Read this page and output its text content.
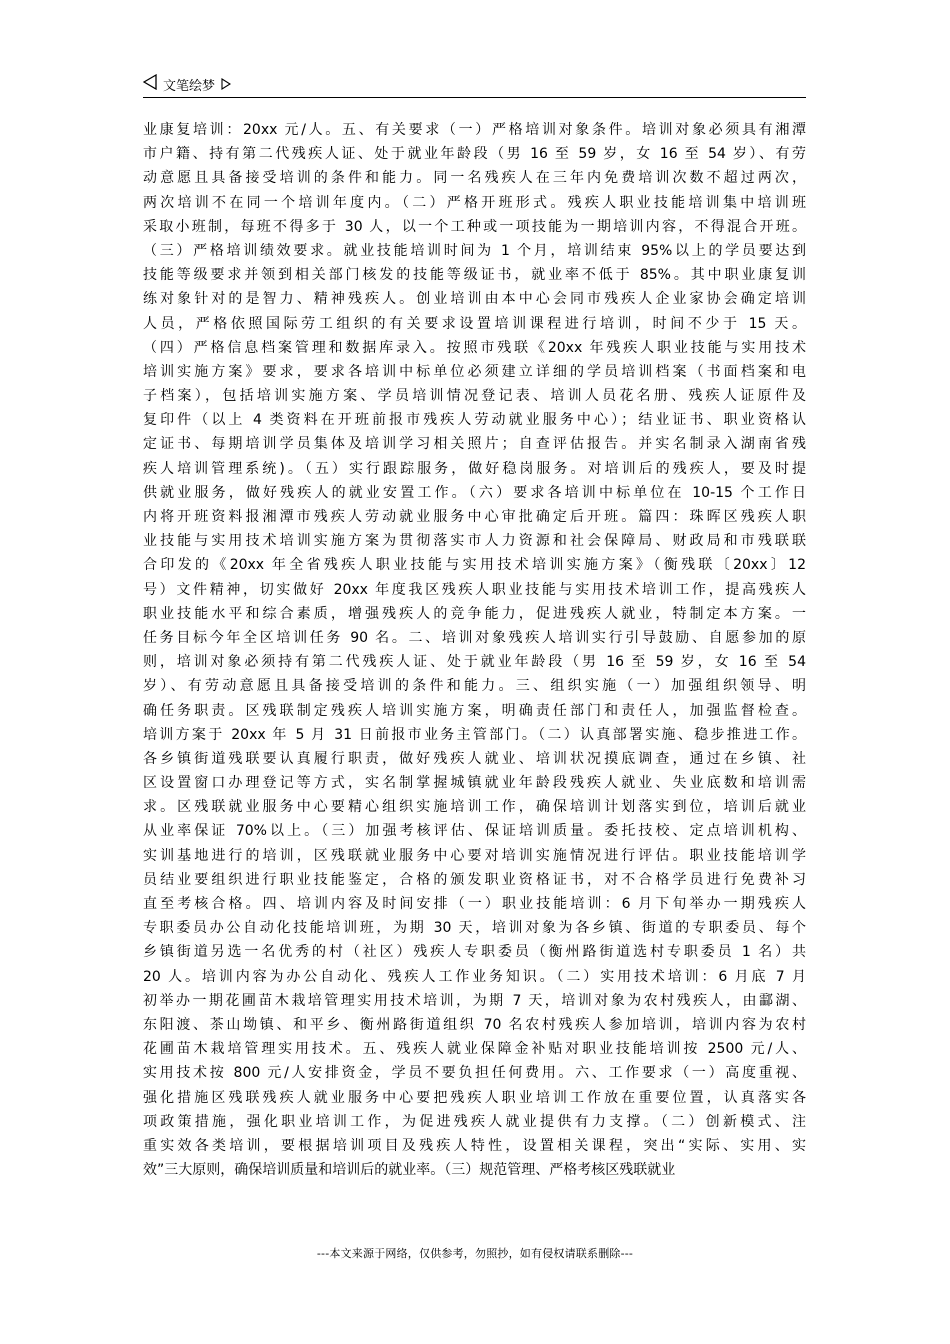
文笔绘梦
业康复培训：20xx 元/人。五、有关要求（一）严格培训对象条件。培训对象必须具有湘潭
市户籍、持有第二代残疾人证、处于就业年龄段（男 16 至 59 岁，女 16 至 54 岁）、有劳
动意愿且具备接受培训的条件和能力。同一名残疾人在三年内免费培训次数不超过两次，
两次培训不在同一个培训年度内。（二）严格开班形式。残疾人职业技能培训集中培训班
采取小班制，每班不得多于 30 人，以一个工种或一项技能为一期培训内容，不得混合开班。
（三）严格培训绩效要求。就业技能培训时间为 1 个月，培训结束 95%以上的学员要达到
技能等级要求并领到相关部门核发的技能等级证书，就业率不低于 85%。其中职业康复训
练对象针对的是智力、精神残疾人。创业培训由本中心会同市残疾人企业家协会确定培训
人员，严格依照国际劳工组织的有关要求设置培训课程进行培训，时间不少于 15 天。
（四）严格信息档案管理和数据库录入。按照市残联《20xx 年残疾人职业技能与实用技术
培训实施方案》要求，要求各培训中标单位必须建立详细的学员培训档案（书面档案和电
子档案），包括培训实施方案、学员培训情况登记表、培训人员花名册、残疾人证原件及
复印件（以上 4 类资料在开班前报市残疾人劳动就业服务中心）；结业证书、职业资格认
定证书、每期培训学员集体及培训学习相关照片；自查评估报告。并实名制录入湖南省残
疾人培训管理系统)。（五）实行跟踪服务，做好稳岗服务。对培训后的残疾人，要及时提
供就业服务，做好残疾人的就业安置工作。（六）要求各培训中标单位在 10-15 个工作日
内将开班资料报湘潭市残疾人劳动就业服务中心审批确定后开班。篇四：珠晖区残疾人职
业技能与实用技术培训实施方案为贯彻落实市人力资源和社会保障局、财政局和市残联联
合印发的《20xx 年全省残疾人职业技能与实用技术培训实施方案》（衡残联〔20xx〕12
号）文件精神，切实做好 20xx 年度我区残疾人职业技能与实用技术培训工作，提高残疾人
职业技能水平和综合素质，增强残疾人的竞争能力，促进残疾人就业，特制定本方案。一
任务目标今年全区培训任务 90 名。二、培训对象残疾人培训实行引导鼓励、自愿参加的原
则，培训对象必须持有第二代残疾人证、处于就业年龄段（男 16 至 59 岁，女 16 至 54
岁）、有劳动意愿且具备接受培训的条件和能力。三、组织实施（一）加强组织领导、明
确任务职责。区残联制定残疾人培训实施方案，明确责任部门和责任人，加强监督检查。
培训方案于 20xx 年 5 月 31 日前报市业务主管部门。（二）认真部署实施、稳步推进工作。
各乡镇街道残联要认真履行职责，做好残疾人就业、培训状况摸底调查，通过在乡镇、社
区设置窗口办理登记等方式，实名制掌握城镇就业年龄段残疾人就业、失业底数和培训需
求。区残联就业服务中心要精心组织实施培训工作，确保培训计划落实到位，培训后就业
从业率保证 70%以上。（三）加强考核评估、保证培训质量。委托技校、定点培训机构、
实训基地进行的培训，区残联就业服务中心要对培训实施情况进行评估。职业技能培训学
员结业要组织进行职业技能鉴定，合格的颁发职业资格证书，对不合格学员进行免费补习
直至考核合格。四、培训内容及时间安排（一）职业技能培训：6 月下旬举办一期残疾人
专职委员办公自动化技能培训班，为期 30 天，培训对象为各乡镇、街道的专职委员、每个
乡镇街道另选一名优秀的村（社区）残疾人专职委员（衡州路街道选村专职委员 1 名）共
20 人。培训内容为办公自动化、残疾人工作业务知识。（二）实用技术培训：6 月底 7 月
初举办一期花圃苗木栽培管理实用技术培训，为期 7 天，培训对象为农村残疾人，由酃湖、
东阳渡、茶山坳镇、和平乡、衡州路街道组织 70 名农村残疾人参加培训，培训内容为农村
花圃苗木栽培管理实用技术。五、残疾人就业保障金补贴对职业技能培训按 2500 元/人、
实用技术按 800 元/人安排资金，学员不要负担任何费用。六、工作要求（一）高度重视、
强化措施区残联残疾人就业服务中心要把残疾人职业培训工作放在重要位置，认真落实各
项政策措施，强化职业培训工作，为促进残疾人就业提供有力支撑。（二）创新模式、注
重实效各类培训，要根据培训项目及残疾人特性，设置相关课程，突出“实际、实用、实
效”三大原则，确保培训质量和培训后的就业率。（三）规范管理、严格考核区残联就业
---本文来源于网络，仅供参考，勿照抄，如有侵权请联系删除---
